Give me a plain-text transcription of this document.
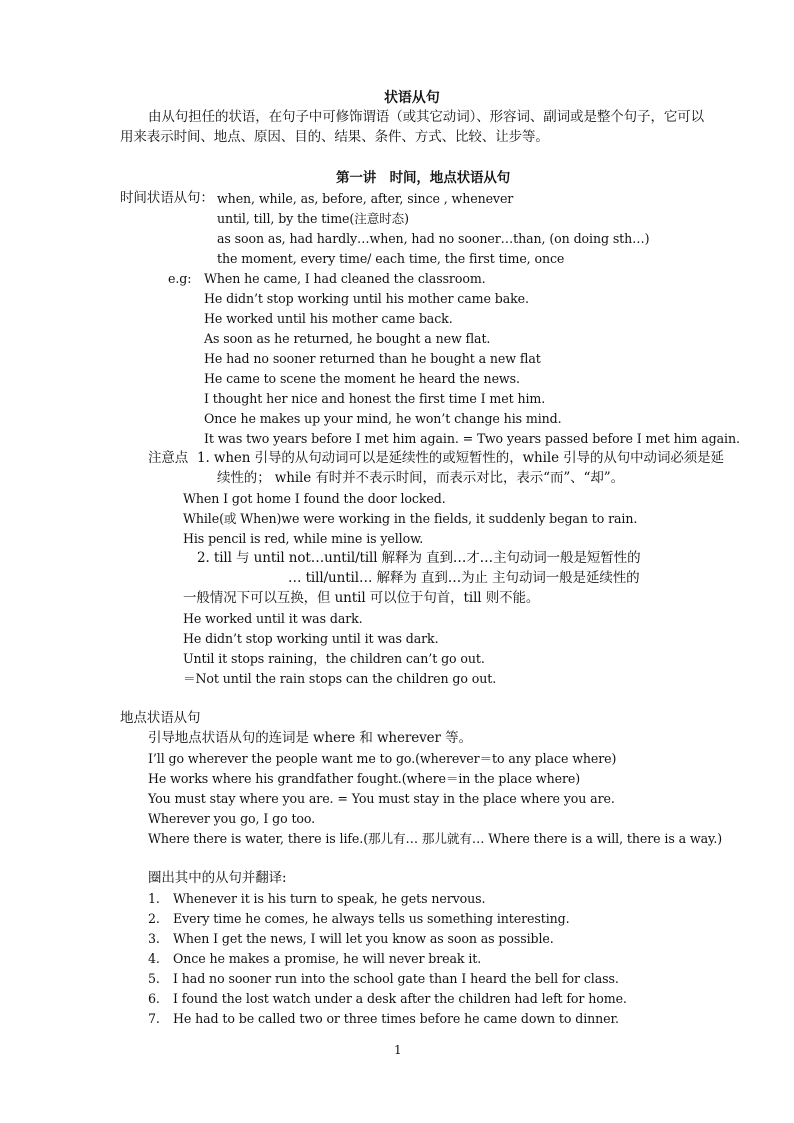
状语从句
由从句担任的状语，在句子中可修饰谓语（或其它动词）、形容词、副词或是整个句子，它可以
用来表示时间、地点、原因、目的、结果、条件、方式、比较、让步等。
第一讲　时间，地点状语从句
时间状语从句： when, while, as, before, after, since , whenever
until, till, by the time(注意时态)
as soon as, had hardly…when, had no sooner…than, (on doing sth…)
the moment, every time/ each time, the first time, once
e.g: When he came, I had cleaned the classroom.
He didn’t stop working until his mother came bake.
He worked until his mother came back.
As soon as he returned, he bought a new flat.
He had no sooner returned than he bought a new flat
He came to scene the moment he heard the news.
I thought her nice and honest the first time I met him.
Once he makes up your mind, he won’t change his mind.
It was two years before I met him again. = Two years passed before I met him again.
注意点 1. when 引导的从句动词可以是延续性的或短暂性的，while 引导的从句中动词必须是延
续性的； while 有时并不表示时间，而表示对比，表示“而”、“却”。
When I got home I found the door locked.
While(或 When)we were working in the fields, it suddenly began to rain.
His pencil is red, while mine is yellow.
2. till 与 until not…until/till 解释为 直到…才…主句动词一般是短暂性的
… till/until… 解释为 直到…为止 主句动词一般是延续性的
一般情况下可以互换，但 until 可以位于句首，till 则不能。
He worked until it was dark.
He didn’t stop working until it was dark.
Until it stops raining，the children can’t go out.
＝Not until the rain stops can the children go out.
地点状语从句
引导地点状语从句的连词是 where 和 wherever 等。
I’ll go wherever the people want me to go.(wherever＝to any place where)
He works where his grandfather fought.(where＝in the place where)
You must stay where you are. = You must stay in the place where you are.
Wherever you go, I go too.
Where there is water, there is life.(那儿有… 那儿就有… Where there is a will, there is a way.)
圈出其中的从句并翻译:
1. Whenever it is his turn to speak, he gets nervous.
2. Every time he comes, he always tells us something interesting.
3. When I get the news, I will let you know as soon as possible.
4. Once he makes a promise, he will never break it.
5. I had no sooner run into the school gate than I heard the bell for class.
6. I found the lost watch under a desk after the children had left for home.
7. He had to be called two or three times before he came down to dinner.
1
